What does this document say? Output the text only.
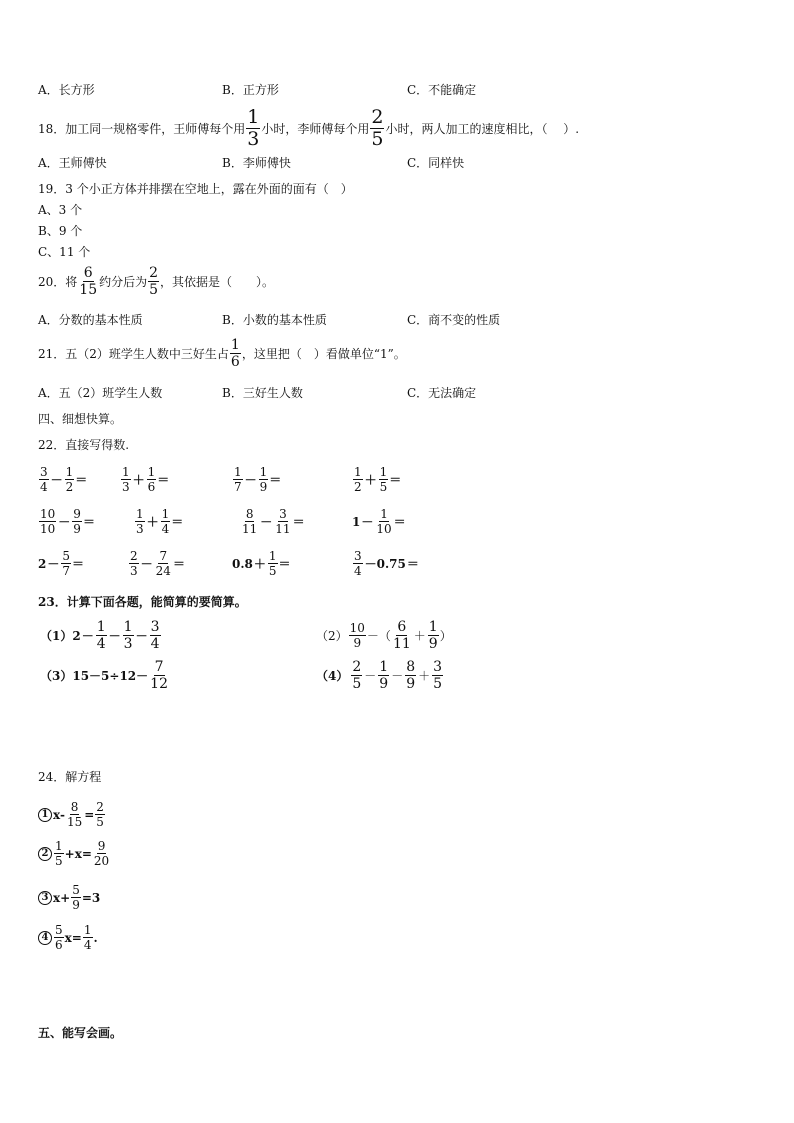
A．长方形	B．正方形	C．不能确定
18．加工同一规格零件，王师傅每个用 $\frac{1}{3}$ 小时，李师傅每个用 $\frac{2}{5}$ 小时，两人加工的速度相比，（　 ）.
A．王师傅快	B．李师傅快	C．同样快
19．3 个小正方体并排摆在空地上，露在外面的面有（　）
A、3 个
B、9 个
C、11 个
20．将 $\frac{6}{15}$ 约分后为 $\frac{2}{5}$ ，其依据是（　　）。
A．分数的基本性质	B．小数的基本性质	C．商不变的性质
21．五（2）班学生人数中三好生占 $\frac{1}{6}$ ，这里把（　）看做单位“1”。
A．五（2）班学生人数	B．三好生人数	C．无法确定
四、细想快算。
22．直接写得数.
$\frac{3}{4} - \frac{1}{2}$ ＝	$\frac{1}{3} + \frac{1}{6}$ ＝	$\frac{1}{7} - \frac{1}{9}$ ＝	$\frac{1}{2} + \frac{1}{5}$ ＝
$\frac{10}{10} - \frac{9}{9}$ ＝	$\frac{1}{3} + \frac{1}{4}$ ＝	$\frac{8}{11} - \frac{3}{11}$ ＝	$1 - \frac{1}{10}$ ＝
$2 - \frac{5}{7}$ ＝	$\frac{2}{3} - \frac{7}{24}$ ＝	$0.8 + \frac{1}{5}$ ＝	$\frac{3}{4} -0.75$ ＝
23．计算下面各题，能简算的要简算。
$(1)2 - \frac{1}{4} - \frac{1}{3} - \frac{3}{4}$	$(2) \frac{10}{9}$ －（ $\frac{6}{11} + \frac{1}{9}$ ）
$(3)15-5\div 12- \frac{7}{12}$	$(4) \frac{2}{5} - \frac{1}{9} - \frac{8}{9} + \frac{3}{5}$
24．解方程
1 $x- \frac{8}{15} = \frac{2}{5}$
$2 \frac{1}{5} +x= \frac{9}{20}$
3 $x+ \frac{5}{9} =3$
$4 \frac{5}{6} x= \frac{1}{4}$ .
五、能写会画。
